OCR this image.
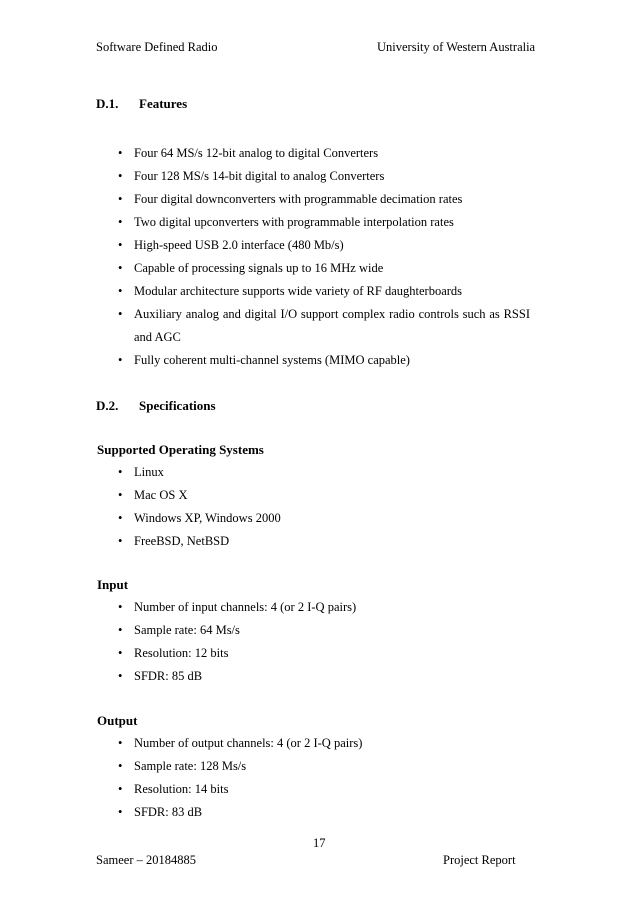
Software Defined Radio	University of Western Australia
D.1. Features
• Four 64 MS/s 12-bit analog to digital Converters
• Four 128 MS/s 14-bit digital to analog Converters
• Four digital downconverters with programmable decimation rates
• Two digital upconverters with programmable interpolation rates
• High-speed USB 2.0 interface (480 Mb/s)
• Capable of processing signals up to 16 MHz wide
• Modular architecture supports wide variety of RF daughterboards
• Auxiliary analog and digital I/O support complex radio controls such as RSSI
and AGC
• Fully coherent multi-channel systems (MIMO capable)
D.2. Specifications
Supported Operating Systems
• Linux
• Mac OS X
• Windows XP, Windows 2000
• FreeBSD, NetBSD
Input
• Number of input channels: 4 (or 2 I-Q pairs)
• Sample rate: 64 Ms/s
• Resolution: 12 bits
• SFDR: 85 dB
Output
• Number of output channels: 4 (or 2 I-Q pairs)
• Sample rate: 128 Ms/s
• Resolution: 14 bits
• SFDR: 83 dB
17
Sameer – 20184885	Project Report
